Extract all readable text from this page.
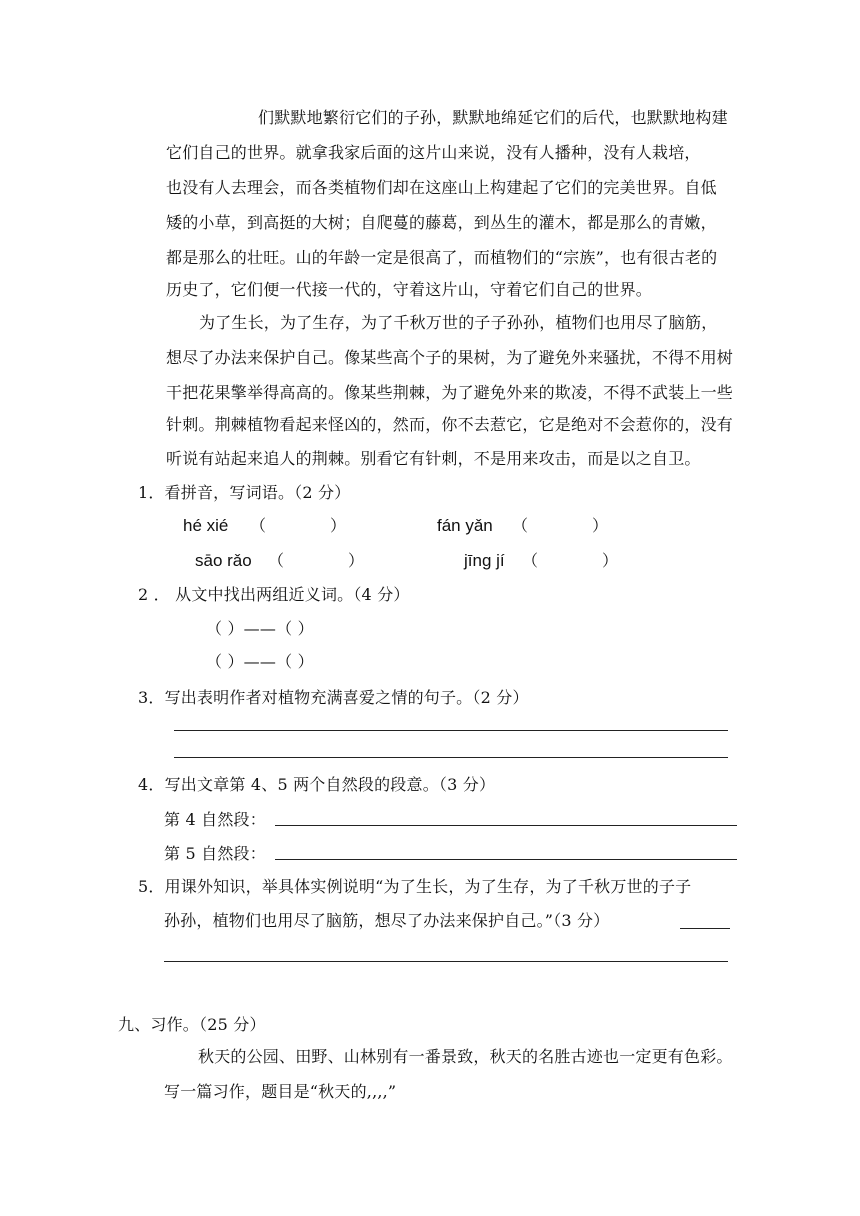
们默默地繁衍它们的子孙，默默地绵延它们的后代，也默默地构建
它们自己的世界。就拿我家后面的这片山来说，没有人播种，没有人栽培，
也没有人去理会，而各类植物们却在这座山上构建起了它们的完美世界。自低
矮的小草，到高挺的大树；自爬蔓的藤葛，到丛生的灌木，都是那么的青嫩，
都是那么的壮旺。山的年龄一定是很高了，而植物们的“宗族”，也有很古老的
历史了，它们便一代接一代的，守着这片山，守着它们自己的世界。
为了生长，为了生存，为了千秋万世的子子孙孙，植物们也用尽了脑筋，
想尽了办法来保护自己。像某些高个子的果树，为了避免外来骚扰，不得不用树
干把花果擎举得高高的。像某些荆棘，为了避免外来的欺凌，不得不武装上一些
针刺。荆棘植物看起来怪凶的，然而，你不去惹它，它是绝对不会惹你的，没有
听说有站起来追人的荆棘。别看它有针刺，不是用来攻击，而是以之自卫。
1．看拼音，写词语。（2 分）
hé xié （　　　　）	fán yǎn （　　　　）
sāo rǎo （　　　　）	jīng jí （　　　　）
2 ． 从文中找出两组近义词。（4 分）
（ ）——（ ）
（ ）——（ ）
3．写出表明作者对植物充满喜爱之情的句子。（2 分）
4．写出文章第 4、5 两个自然段的段意。（3 分）
第 4 自然段：
第 5 自然段：
5．用课外知识，举具体实例说明“为了生长，为了生存，为了千秋万世的子子
孙孙，植物们也用尽了脑筋，想尽了办法来保护自己。”（3 分）
九、习作。（25 分）
秋天的公园、田野、山林别有一番景致，秋天的名胜古迹也一定更有色彩。
写一篇习作，题目是“秋天的,,,,”
